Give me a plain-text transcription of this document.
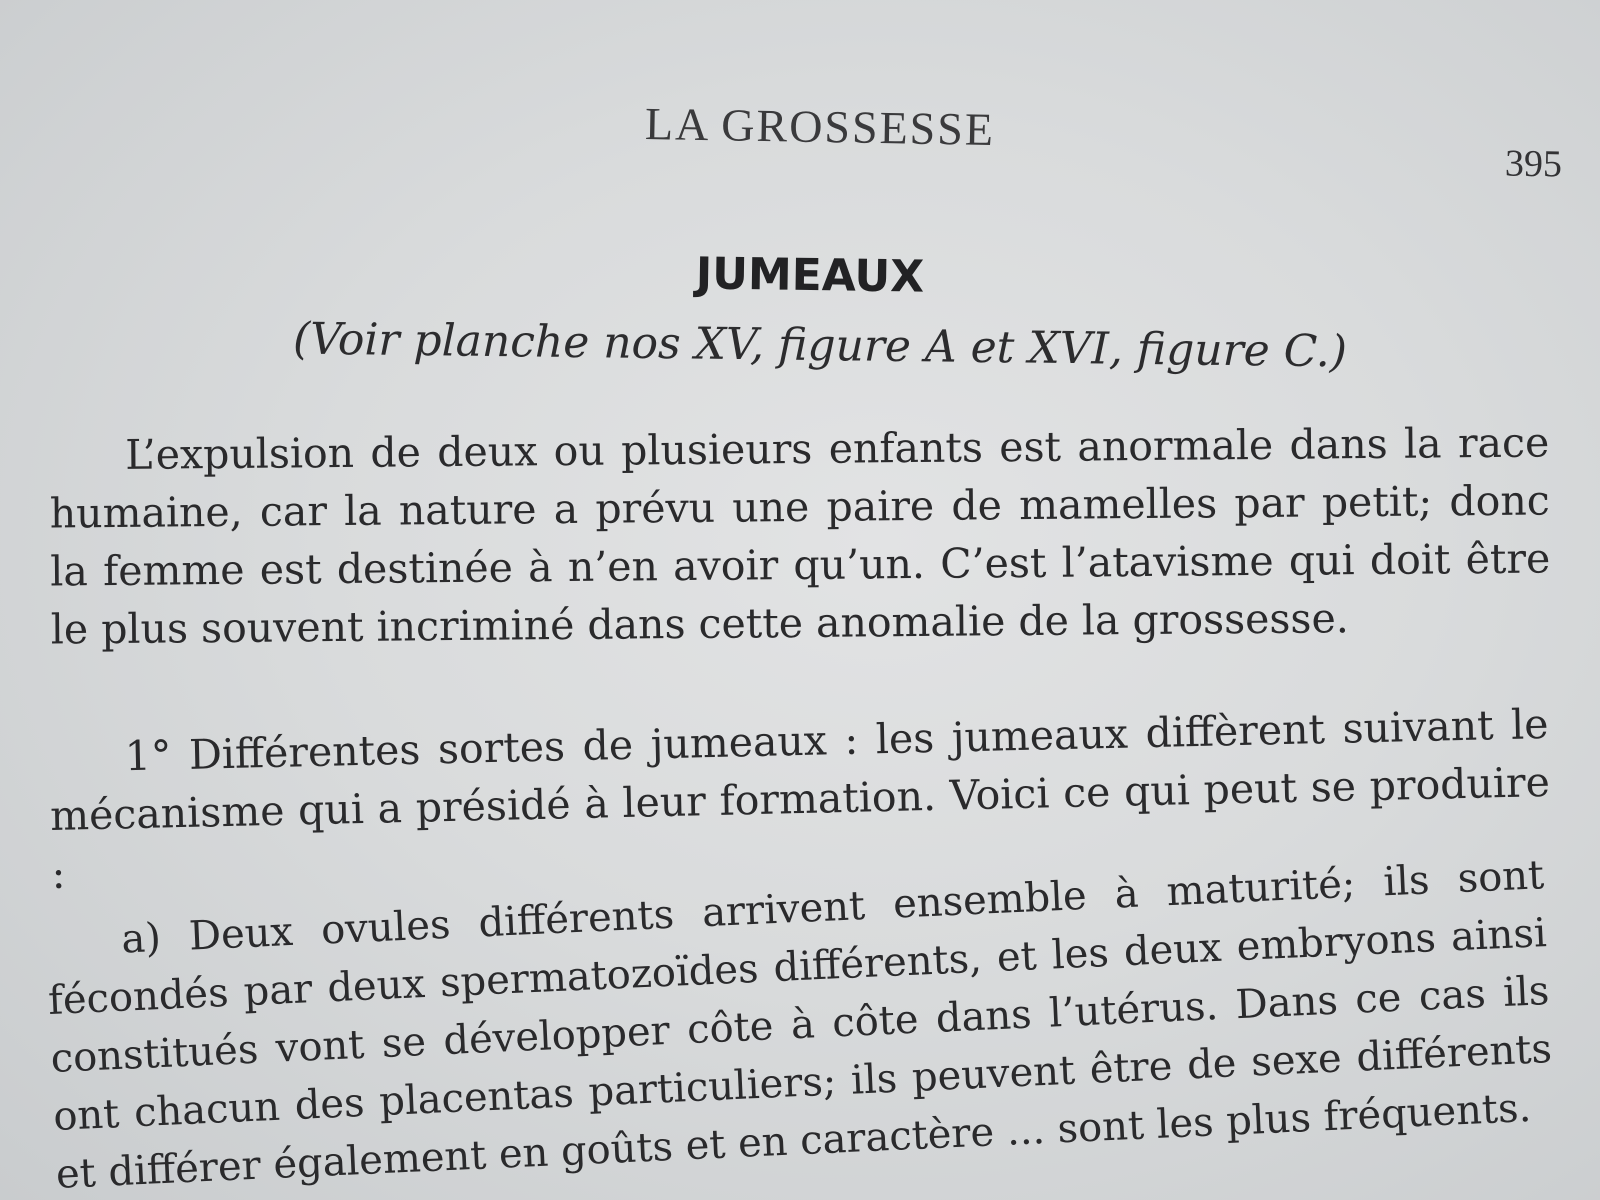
LA GROSSESSE
395
JUMEAUX
(Voir planche nos XV, figure A et XVI, figure C.)

L’expulsion de deux ou plusieurs enfants est anormale dans la race humaine, car la nature a prévu une paire de mamelles par petit; donc la femme est destinée à n’en avoir qu’un. C’est l’atavisme qui doit être le plus souvent incriminé dans cette anomalie de la grossesse.

1° Différentes sortes de jumeaux : les jumeaux diffèrent suivant le mécanisme qui a présidé à leur formation. Voici ce qui peut se produire :	a) Deux ovules différents arrivent ensemble à maturité; ils sont fécondés par deux spermatozoïdes différents, et les deux embryons ainsi constitués vont se développer côte à côte dans l’utérus. Dans ce cas ils ont chacun des placentas particuliers; ils peuvent être de sexe différents et différer également en goûts et en caractère ... sont les plus fréquents.
